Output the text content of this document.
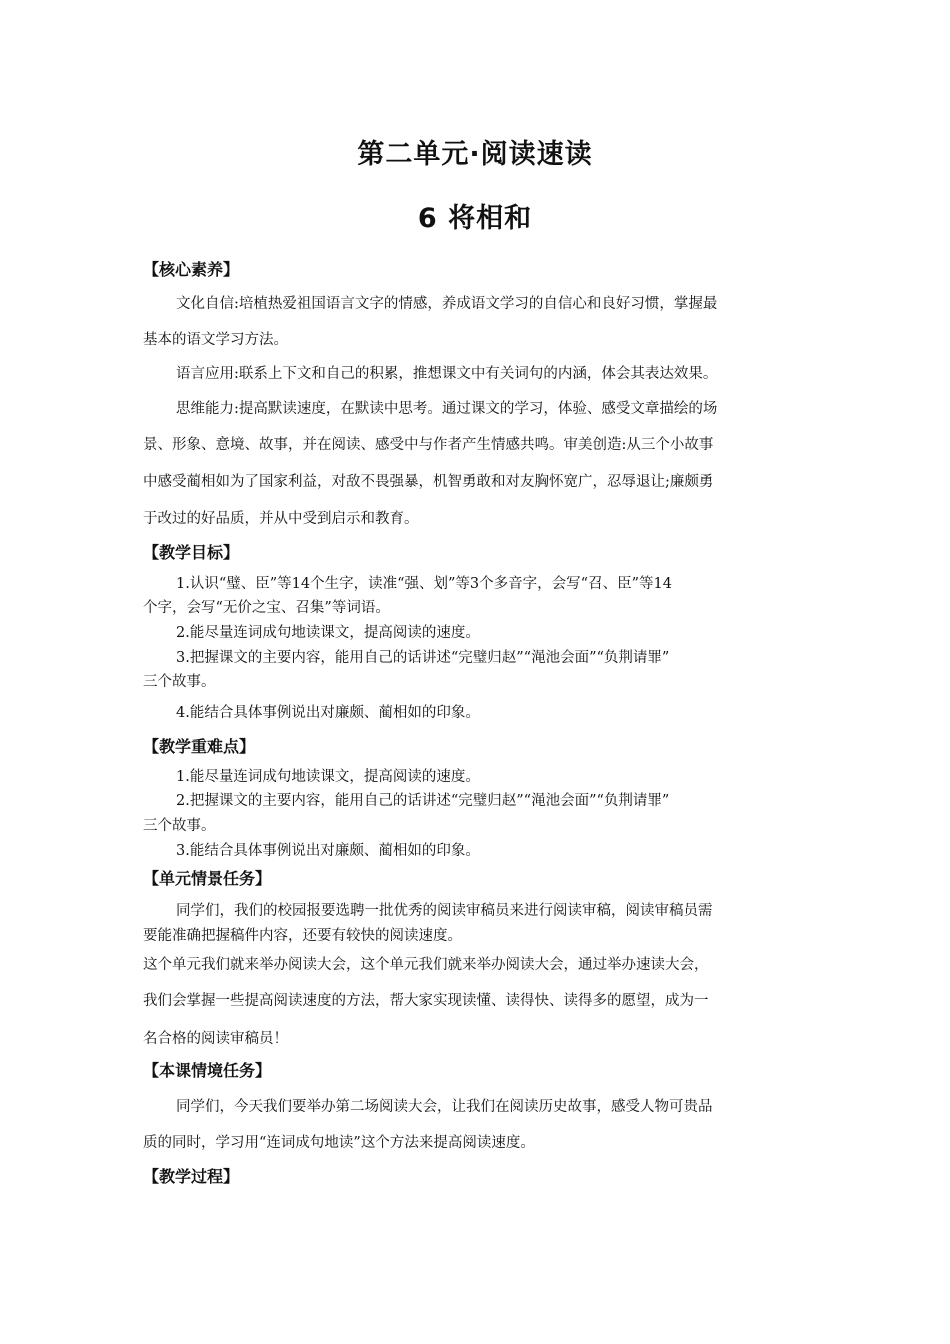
第二单元·阅读速读
6 将相和
【核心素养】
文化自信:培植热爱祖国语言文字的情感，养成语文学习的自信心和良好习惯，掌握最
基本的语文学习方法。
语言应用:联系上下文和自己的积累，推想课文中有关词句的内涵，体会其表达效果。
思维能力:提高默读速度，在默读中思考。通过课文的学习，体验、感受文章描绘的场
景、形象、意境、故事，并在阅读、感受中与作者产生情感共鸣。审美创造:从三个小故事
中感受蔺相如为了国家利益，对敌不畏强暴，机智勇敢和对友胸怀宽广，忍辱退让;廉颇勇
于改过的好品质，并从中受到启示和教育。
【教学目标】
1.认识“璧、臣”等14个生字，读准“强、划”等3个多音字，会写“召、臣”等14
个字，会写“无价之宝、召集”等词语。
2.能尽量连词成句地读课文，提高阅读的速度。
3.把握课文的主要内容，能用自己的话讲述“完璧归赵”“渑池会面”“负荆请罪”
三个故事。
4.能结合具体事例说出对廉颇、蔺相如的印象。
【教学重难点】
1.能尽量连词成句地读课文，提高阅读的速度。
2.把握课文的主要内容，能用自己的话讲述“完璧归赵”“渑池会面”“负荆请罪”
三个故事。
3.能结合具体事例说出对廉颇、蔺相如的印象。
【单元情景任务】
同学们，我们的校园报要选聘一批优秀的阅读审稿员来进行阅读审稿，阅读审稿员需
要能准确把握稿件内容，还要有较快的阅读速度。
这个单元我们就来举办阅读大会，这个单元我们就来举办阅读大会，通过举办速读大会，
我们会掌握一些提高阅读速度的方法，帮大家实现读懂、读得快、读得多的愿望，成为一
名合格的阅读审稿员！
【本课情境任务】
同学们，今天我们要举办第二场阅读大会，让我们在阅读历史故事，感受人物可贵品
质的同时，学习用“连词成句地读”这个方法来提高阅读速度。
【教学过程】
